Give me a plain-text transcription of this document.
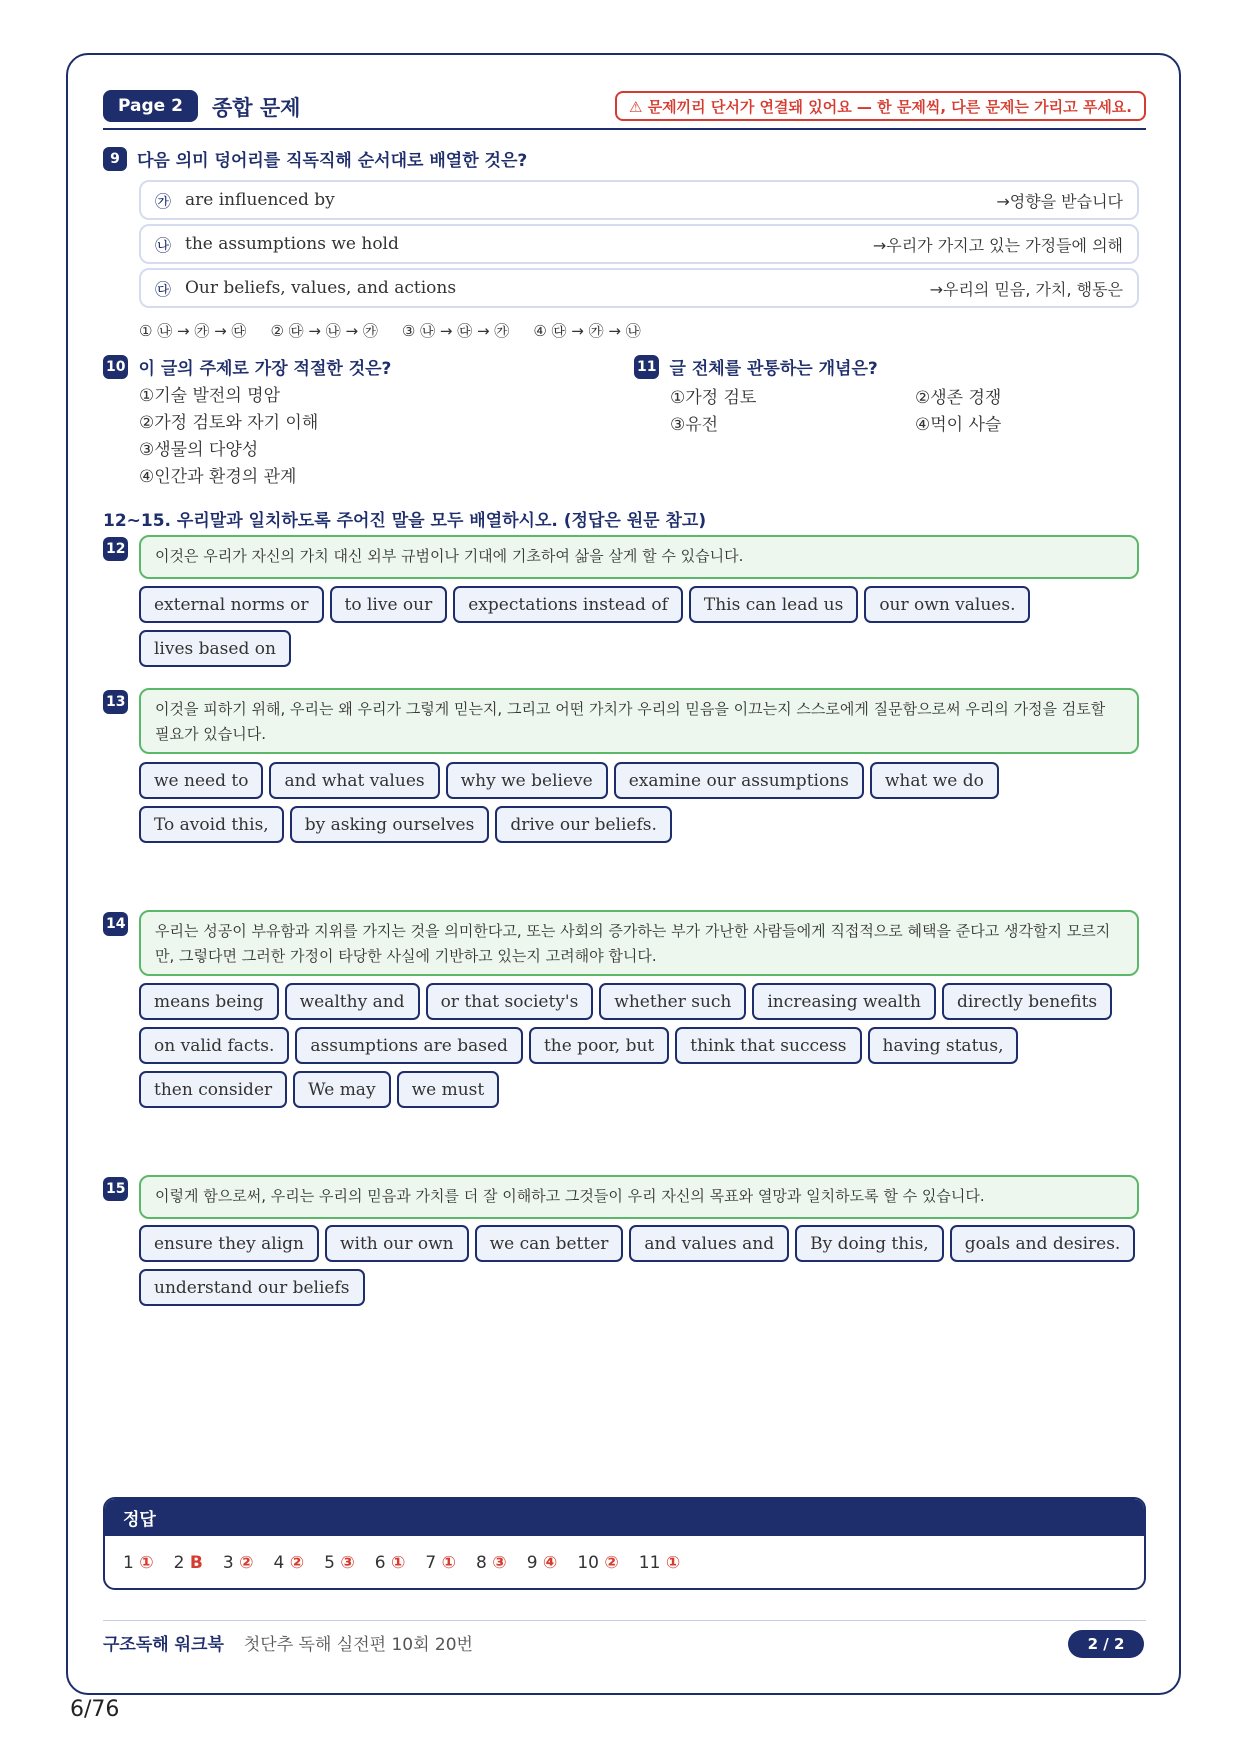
Page 2	종합 문제	⚠ 문제끼리 단서가 연결돼 있어요 — 한 문제씩, 다른 문제는 가리고 푸세요.
9	다음 의미 덩어리를 직독직해 순서대로 배열한 것은?
㉮ are influenced by	→영향을 받습니다
㉯ the assumptions we hold	→우리가 가지고 있는 가정들에 의해
㉰ Our beliefs, values, and actions	→우리의 믿음, 가치, 행동은
① ㉯ → ㉮ → ㉰ ② ㉰ → ㉯ → ㉮ ③ ㉯ → ㉰ → ㉮ ④ ㉰ → ㉮ → ㉯
10 이 글의 주제로 가장 적절한 것은?
①기술 발전의 명암
②가정 검토와 자기 이해
③생물의 다양성
④인간과 환경의 관계
11 글 전체를 관통하는 개념은?
①가정 검토	②생존 경쟁
③유전	④먹이 사슬
12~15. 우리말과 일치하도록 주어진 말을 모두 배열하시오. (정답은 원문 참고)
12	이것은 우리가 자신의 가치 대신 외부 규범이나 기대에 기초하여 삶을 살게 할 수 있습니다.
external norms or	to live our	expectations instead of	This can lead us	our own values.
lives based on
13	이것을 피하기 위해, 우리는 왜 우리가 그렇게 믿는지, 그리고 어떤 가치가 우리의 믿음을 이끄는지 스스로에게 질문함으로써 우리의 가정을 검토할 필요가 있습니다.
we need to	and what values	why we believe	examine our assumptions	what we do
To avoid this,	by asking ourselves	drive our beliefs.
14	우리는 성공이 부유함과 지위를 가지는 것을 의미한다고, 또는 사회의 증가하는 부가 가난한 사람들에게 직접적으로 혜택을 준다고 생각할지 모르지만, 그렇다면 그러한 가정이 타당한 사실에 기반하고 있는지 고려해야 합니다.
means being	wealthy and	or that society's	whether such	increasing wealth	directly benefits
on valid facts.	assumptions are based	the poor, but	think that success	having status,
then consider	We may	we must
15	이렇게 함으로써, 우리는 우리의 믿음과 가치를 더 잘 이해하고 그것들이 우리 자신의 목표와 열망과 일치하도록 할 수 있습니다.
ensure they align	with our own	we can better	and values and	By doing this,	goals and desires.
understand our beliefs
정답
1 ① 2 B 3 ② 4 ② 5 ③ 6 ① 7 ① 8 ③ 9 ④ 10 ② 11 ①
구조독해 워크북 첫단추 독해 실전편 10회 20번	2 / 2
6/76
